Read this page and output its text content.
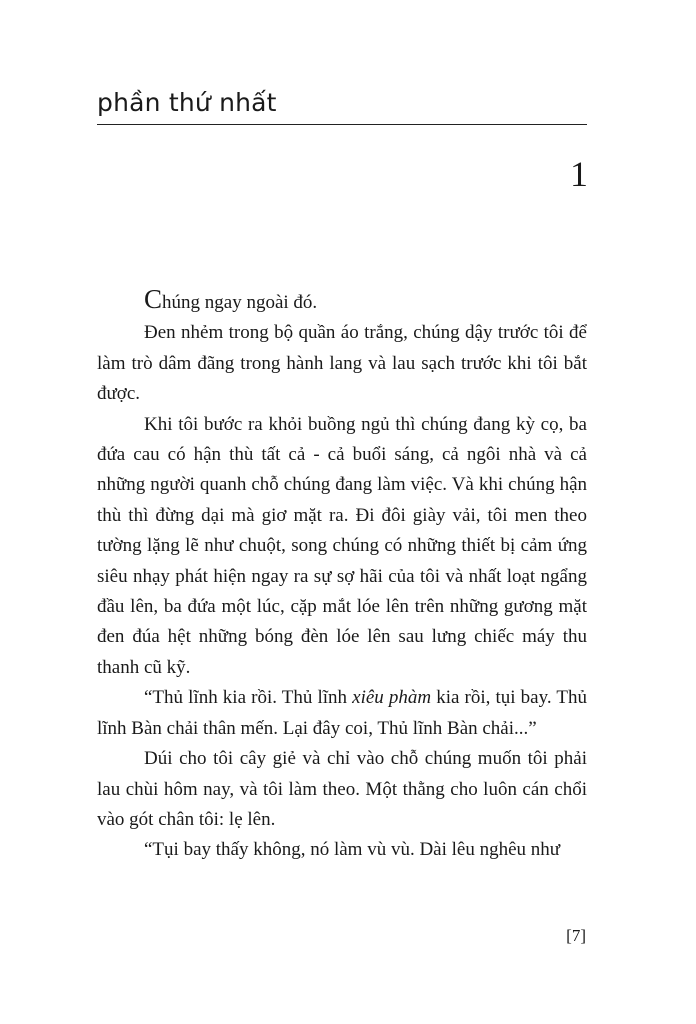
phần thứ nhất
1

Chúng ngay ngoài đó.

Đen nhẻm trong bộ quần áo trắng, chúng dậy trước tôi để làm trò dâm đãng trong hành lang và lau sạch trước khi tôi bắt được.

Khi tôi bước ra khỏi buồng ngủ thì chúng đang kỳ cọ, ba đứa cau có hận thù tất cả - cả buổi sáng, cả ngôi nhà và cả những người quanh chỗ chúng đang làm việc. Và khi chúng hận thù thì đừng dại mà giơ mặt ra. Đi đôi giày vải, tôi men theo tường lặng lẽ như chuột, song chúng có những thiết bị cảm ứng siêu nhạy phát hiện ngay ra sự sợ hãi của tôi và nhất loạt ngẩng đầu lên, ba đứa một lúc, cặp mắt lóe lên trên những gương mặt đen đúa hệt những bóng đèn lóe lên sau lưng chiếc máy thu thanh cũ kỹ.

“Thủ lĩnh kia rồi. Thủ lĩnh xiêu phàm kia rồi, tụi bay. Thủ lĩnh Bàn chải thân mến. Lại đây coi, Thủ lĩnh Bàn chải...”

Dúi cho tôi cây giẻ và chỉ vào chỗ chúng muốn tôi phải lau chùi hôm nay, và tôi làm theo. Một thằng cho luôn cán chổi vào gót chân tôi: lẹ lên.

“Tụi bay thấy không, nó làm vù vù. Dài lêu nghêu như

[7]
